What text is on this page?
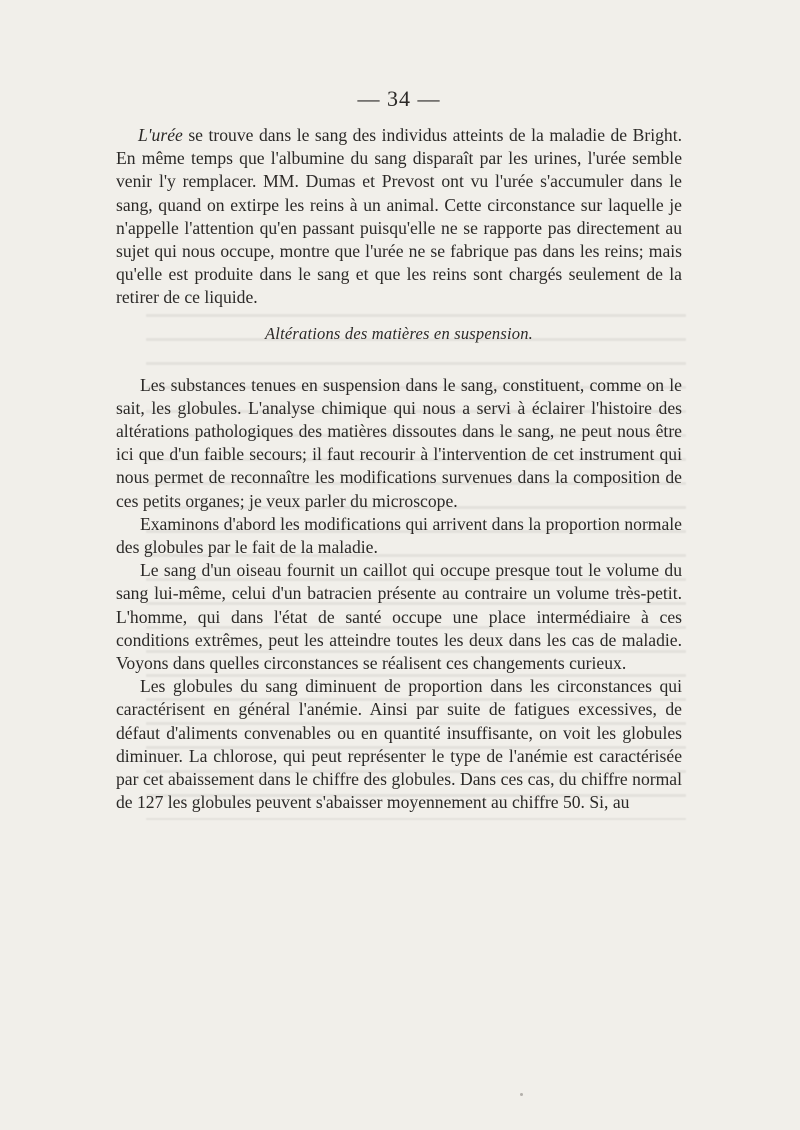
— 34 —

L'urée se trouve dans le sang des individus atteints de la maladie de Bright. En même temps que l'albumine du sang disparaît par les urines, l'urée semble venir l'y remplacer. MM. Dumas et Prevost ont vu l'urée s'accumuler dans le sang, quand on extirpe les reins à un animal. Cette circonstance sur laquelle je n'appelle l'attention qu'en passant puisqu'elle ne se rapporte pas directement au sujet qui nous occupe, montre que l'urée ne se fabrique pas dans les reins; mais qu'elle est produite dans le sang et que les reins sont chargés seulement de la retirer de ce liquide.

Altérations des matières en suspension.

Les substances tenues en suspension dans le sang, constituent, comme on le sait, les globules. L'analyse chimique qui nous a servi à éclairer l'histoire des altérations pathologiques des matières dissoutes dans le sang, ne peut nous être ici que d'un faible secours; il faut recourir à l'intervention de cet instrument qui nous permet de reconnaître les modifications survenues dans la composition de ces petits organes; je veux parler du microscope.

Examinons d'abord les modifications qui arrivent dans la proportion normale des globules par le fait de la maladie.

Le sang d'un oiseau fournit un caillot qui occupe presque tout le volume du sang lui-même, celui d'un batracien présente au contraire un volume très-petit. L'homme, qui dans l'état de santé occupe une place intermédiaire à ces conditions extrêmes, peut les atteindre toutes les deux dans les cas de maladie. Voyons dans quelles circonstances se réalisent ces changements curieux.

Les globules du sang diminuent de proportion dans les circonstances qui caractérisent en général l'anémie. Ainsi par suite de fatigues excessives, de défaut d'aliments convenables ou en quantité insuffisante, on voit les globules diminuer. La chlorose, qui peut représenter le type de l'anémie est caractérisée par cet abaissement dans le chiffre des globules. Dans ces cas, du chiffre normal de 127 les globules peuvent s'abaisser moyennement au chiffre 50. Si, au
